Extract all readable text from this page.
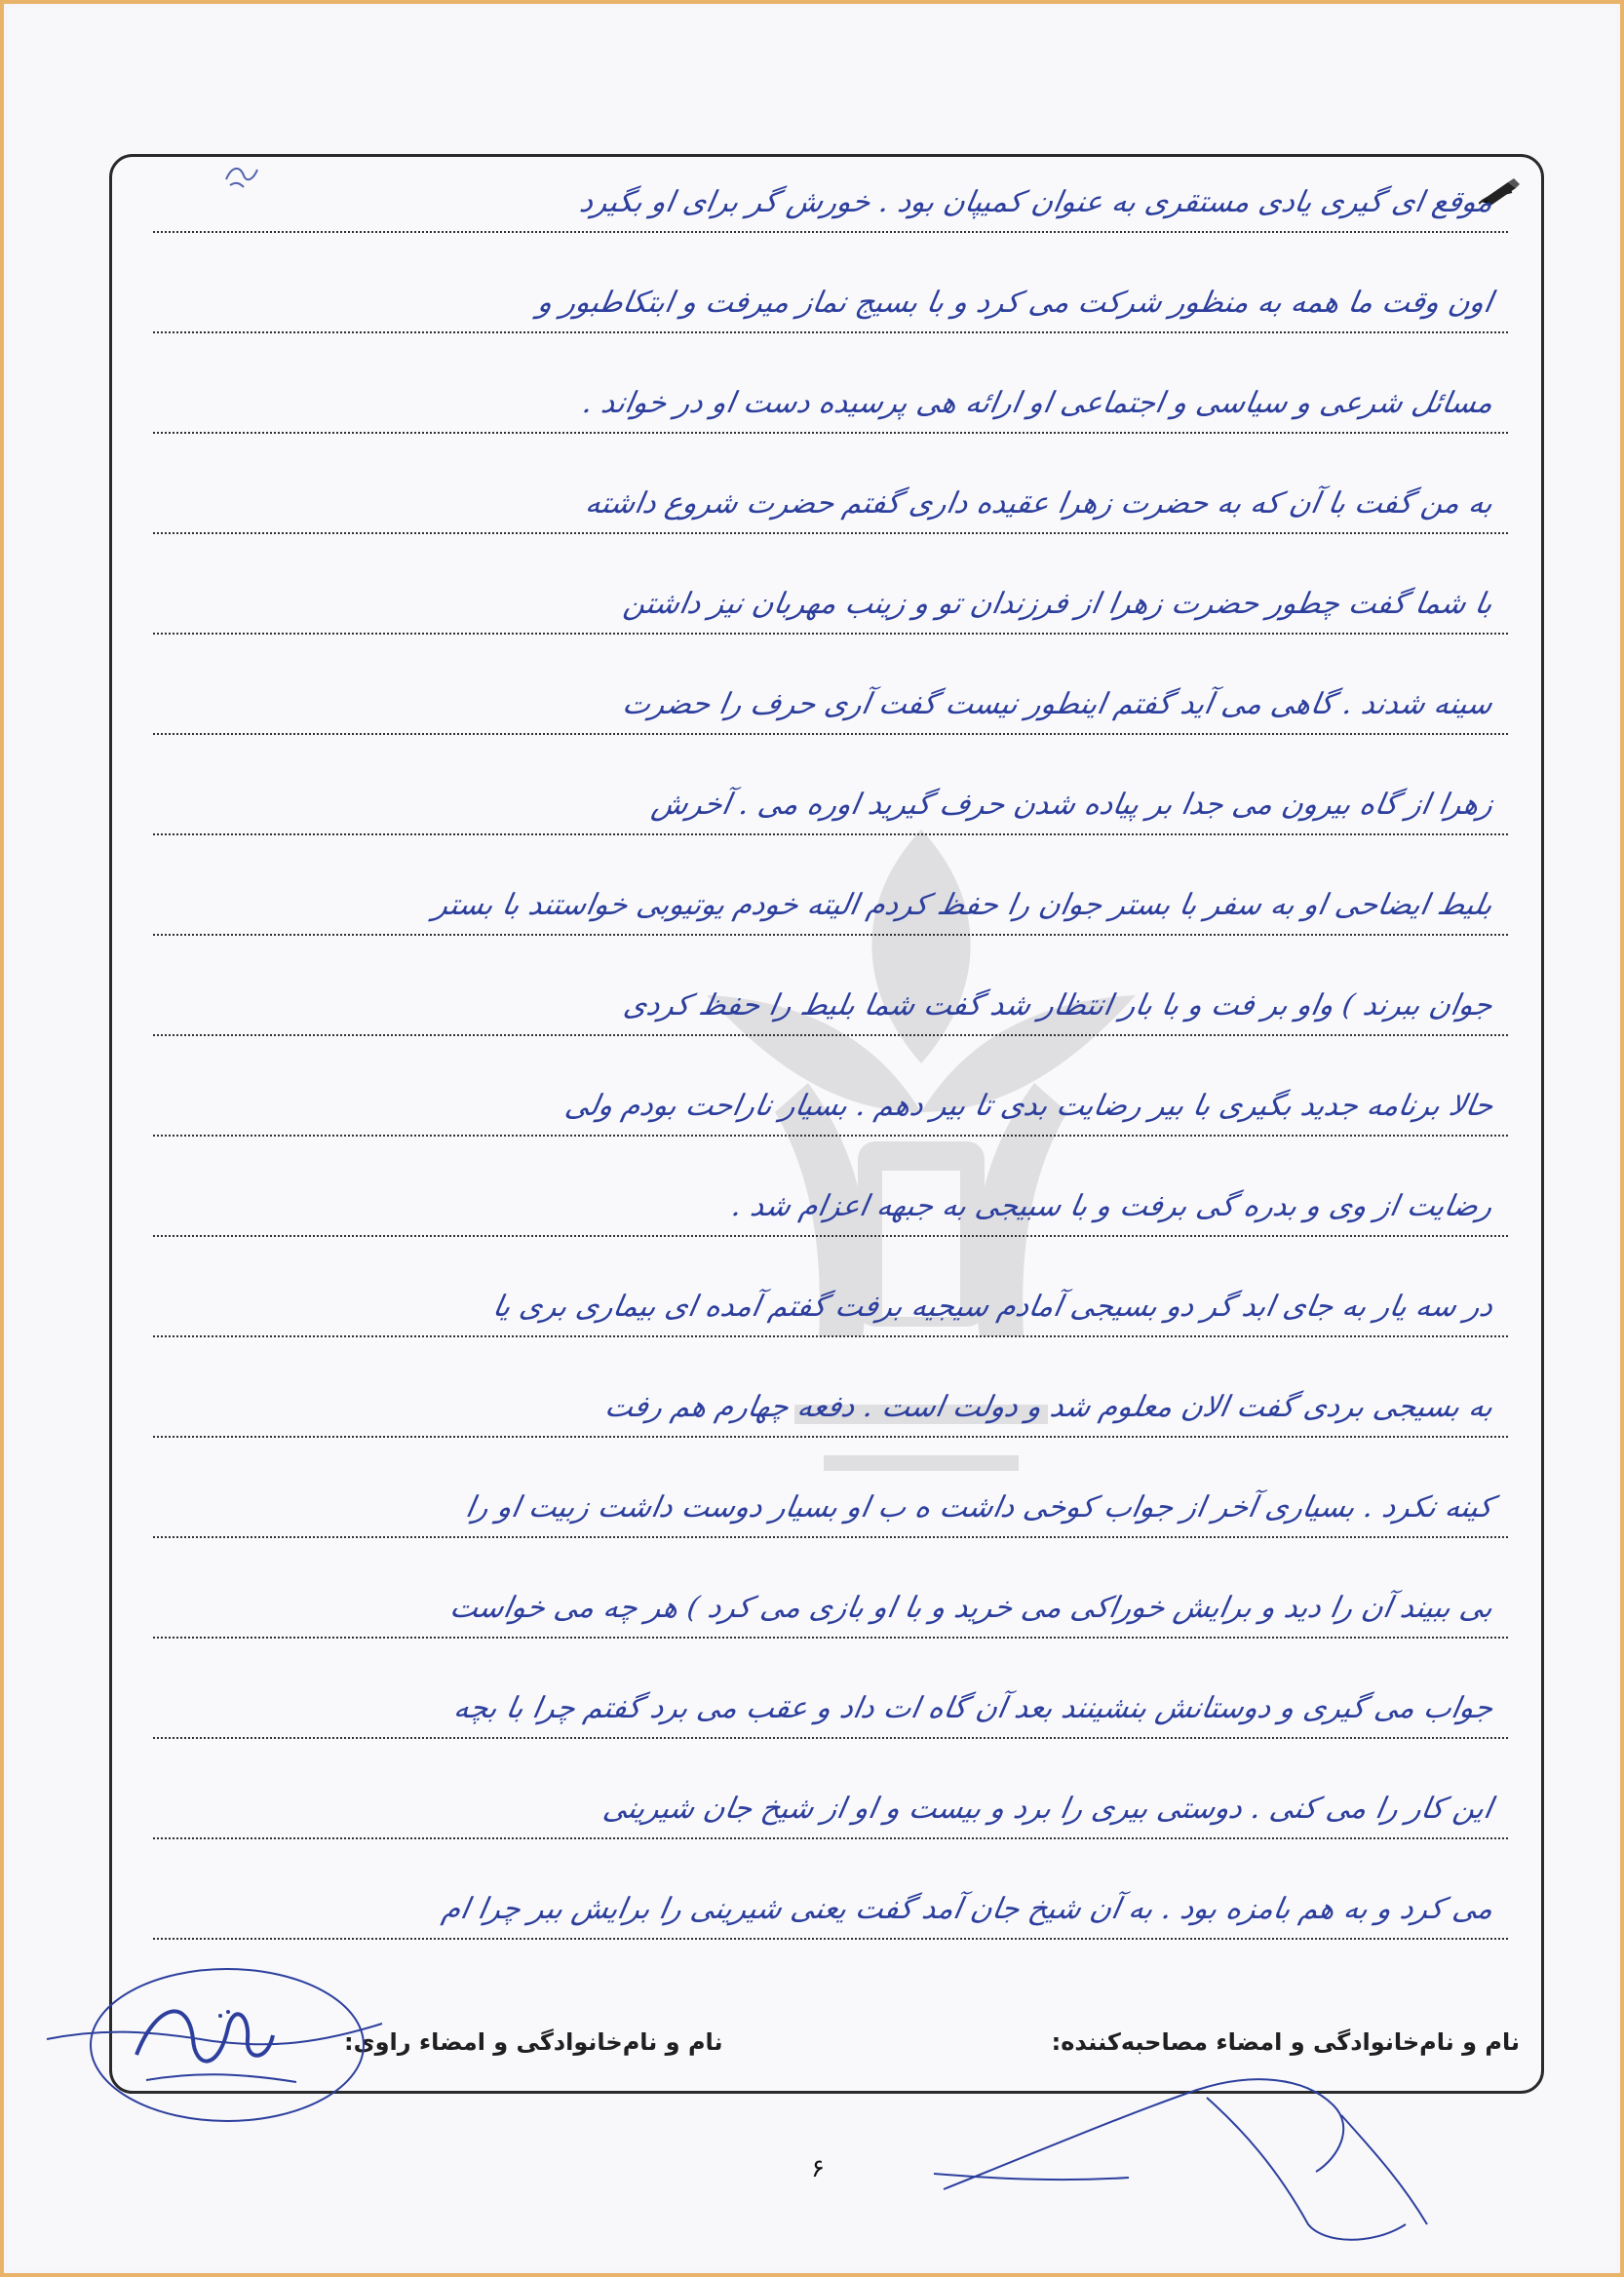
موقع ای گیری یادی مستقری به عنوان کمیپان بود . خورش گر برای او بگیرد
اون وقت ما همه به منظور شرکت می کرد و با بسیج نماز میرفت و ابتکاطبور و
مسائل شرعی و سیاسی و اجتماعی او ارائه هی پرسیده دست او در خواند .
به من گفت با آن که به حضرت زهرا عقیده داری گفتم حضرت شروع داشته
با شما گفت چطور حضرت زهرا از فرزندان تو و زینب مهربان نیز داشتن
سینه شدند . گاهی می آید گفتم اینطور نیست گفت آری حرف را حضرت
زهرا از گاه بیرون می جدا بر پیاده شدن حرف گیرید اوره می . آخرش
بلیط ایضاحی او به سفر با بستر جوان را حفظ کردم الیته خودم یوتیوبی خواستند با بستر
جوان ببرند ) واو بر فت و با بار انتظار شد گفت شما بلیط را حفظ کردی
حالا برنامه جدید بگیری با بیر رضایت بدی تا بیر دهم . بسیار ناراحت بودم ولی
رضایت از وی و بدره گی برفت و با سبیجی به جبهه اعزام شد .
در سه یار به جای ابد گر دو بسیجی آمادم سیجیه برفت گفتم آمده ای بیماری بری یا
به بسیجی بردی گفت الان معلوم شد و دولت است . دفعه چهارم هم رفت
کینه نکرد . بسیاری آخر از جواب کوخی داشت ه ب او بسیار دوست داشت زبیت او را
بی ببیند آن را دید و برایش خوراکی می خرید و با او بازی می کرد ) هر چه می خواست
جواب می گیری و دوستانش بنشینند بعد آن گاه ات داد و عقب می برد گفتم چرا با بچه
این کار را می کنی . دوستی بیری را برد و بیست و او از شیخ جان شیرینی
می کرد و به هم بامزه بود . به آن شیخ جان آمد گفت یعنی شیرینی را برایش ببر چرا ام
نام و نام‌خانوادگی و امضاء مصاحبه‌کننده:
نام و نام‌خانوادگی و امضاء راوی:
۶
